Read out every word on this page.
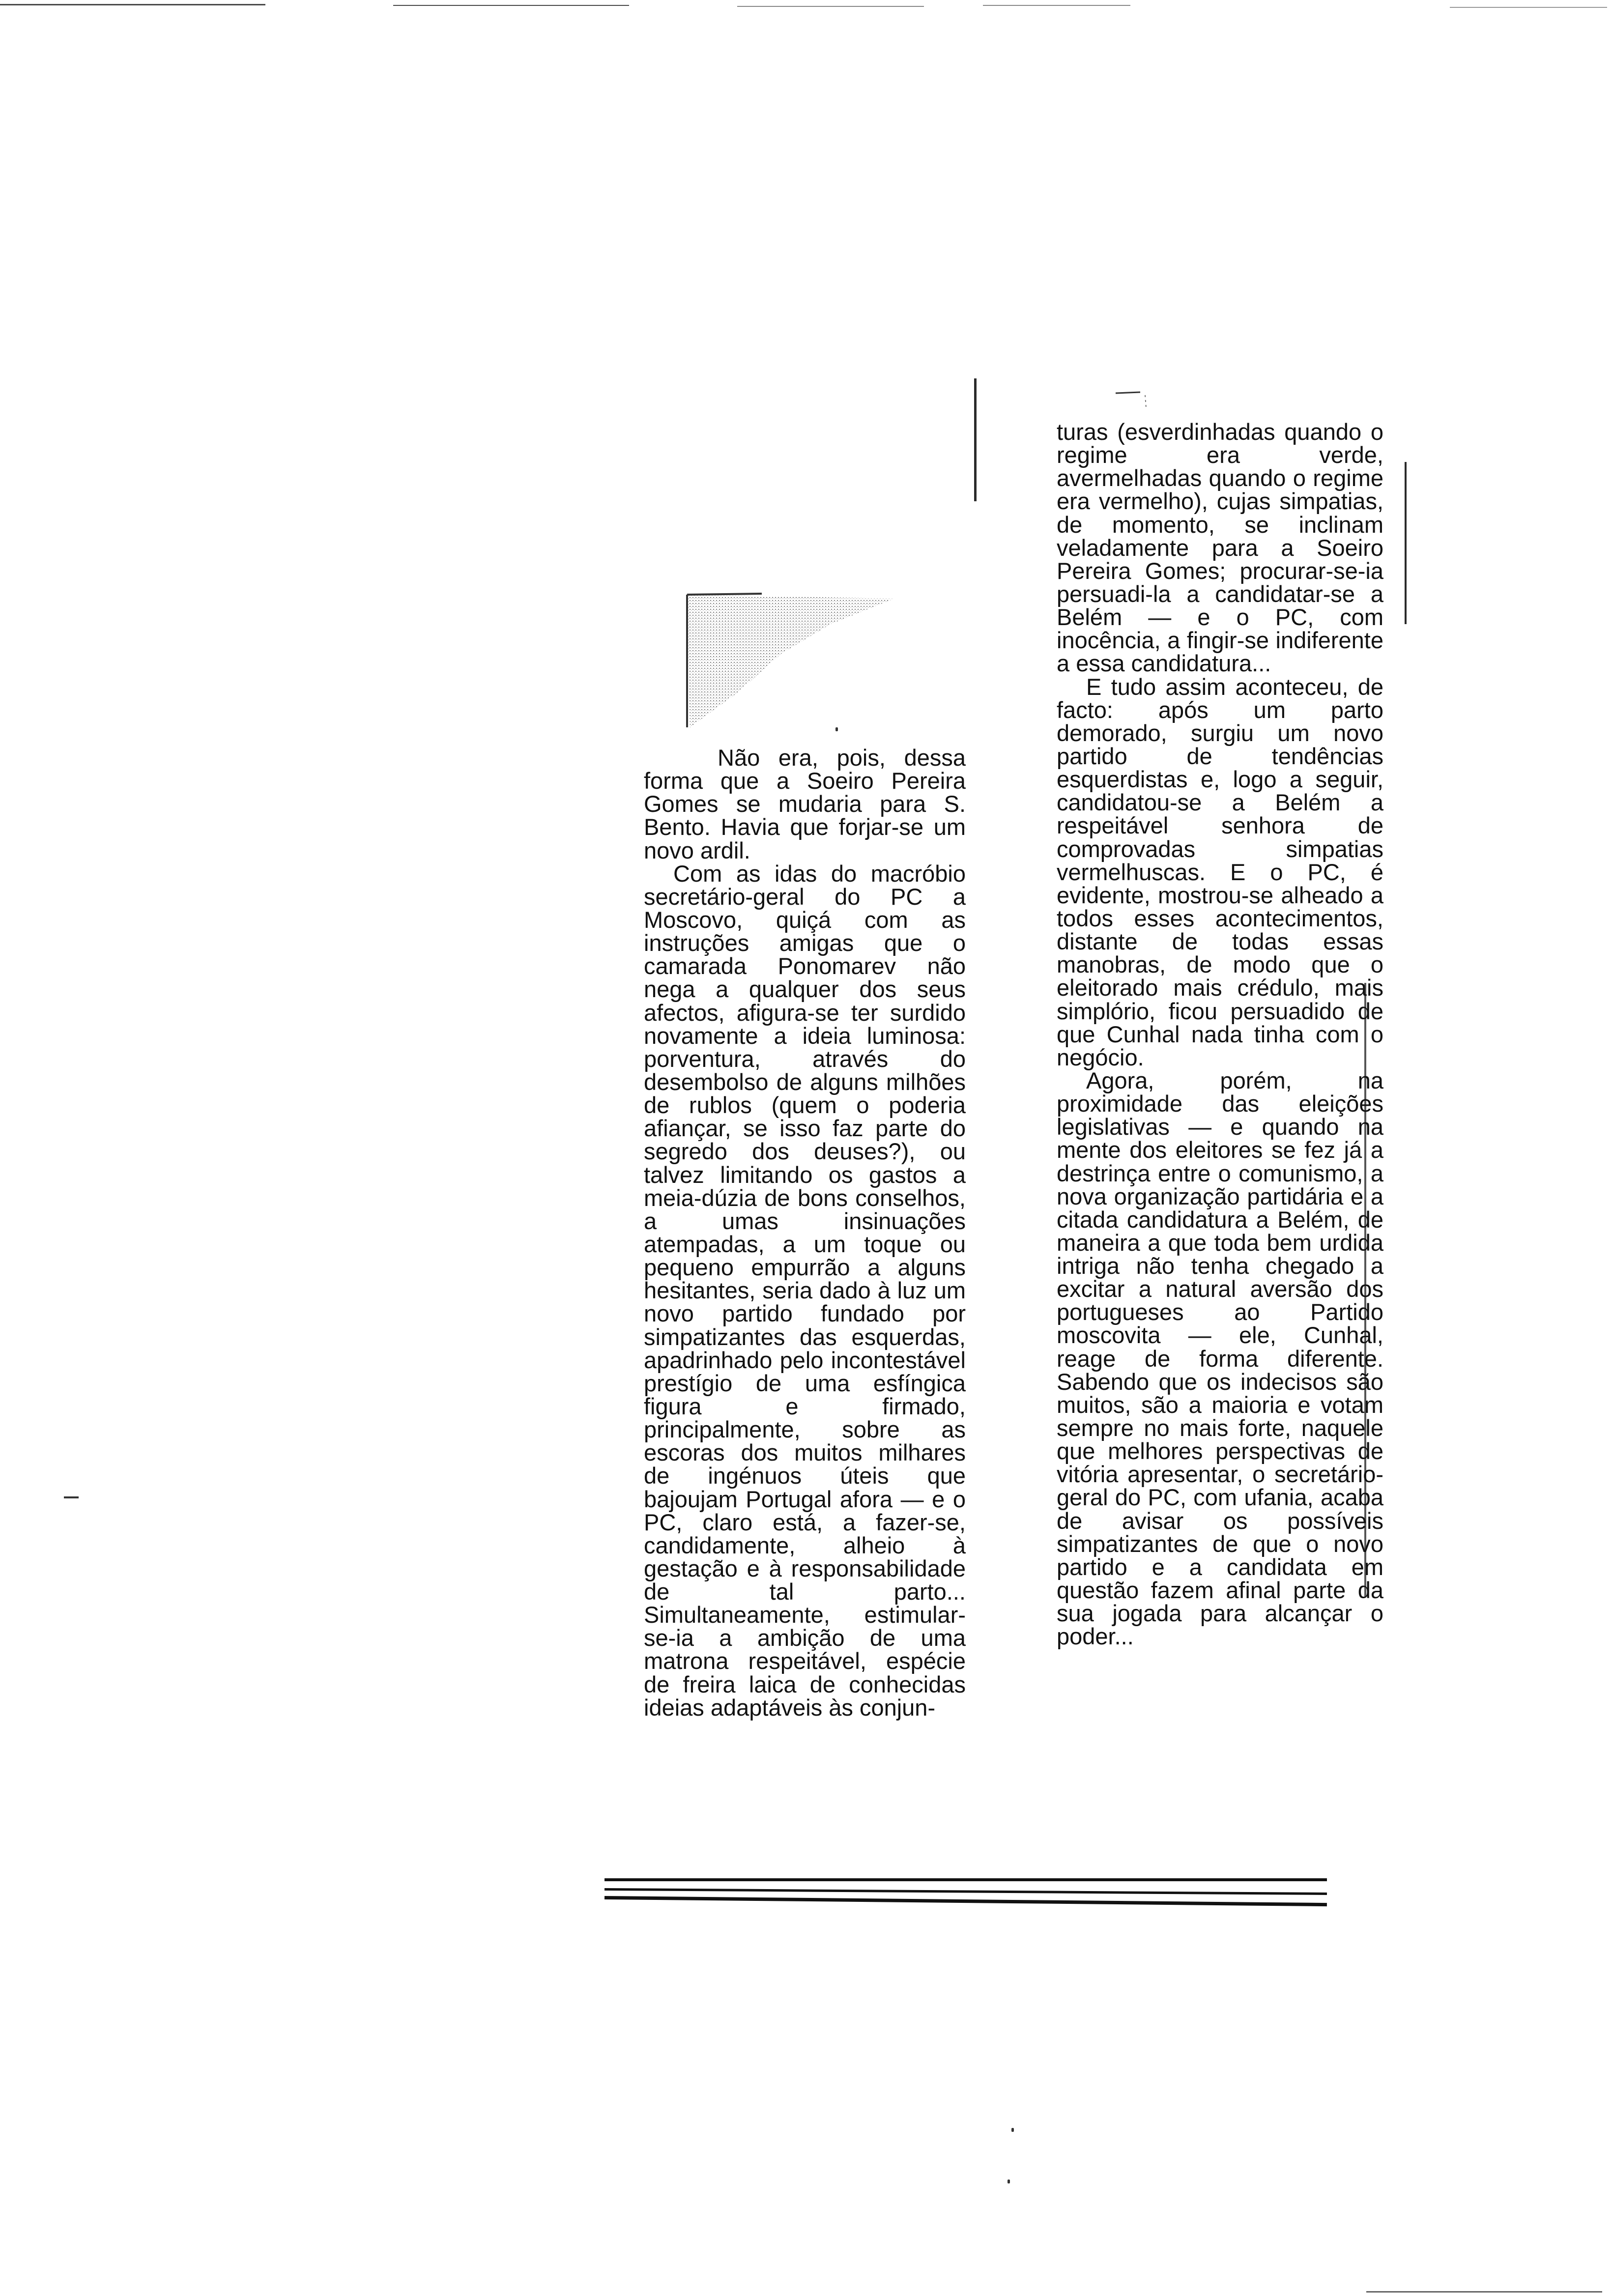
Não era, pois, dessa forma que a Soeiro Pereira Gomes se mudaria para S. Bento. Havia que forjar-se um novo ardil.

Com as idas do macróbio secretário-geral do PC a Moscovo, quiçá com as instruções amigas que o camarada Ponomarev não nega a qualquer dos seus afectos, afigura-se ter surdido novamente a ideia luminosa: porventura, através do desembolso de alguns milhões de rublos (quem o poderia afiançar, se isso faz parte do segredo dos deuses?), ou talvez limitando os gastos a meia-dúzia de bons conselhos, a umas insinuações atempadas, a um toque ou pequeno empurrão a alguns hesitantes, seria dado à luz um novo partido fundado por simpatizantes das esquerdas, apadrinhado pelo incontestável prestígio de uma esfíngica figura e firmado, principalmente, sobre as escoras dos muitos milhares de ingénuos úteis que bajoujam Portugal afora — e o PC, claro está, a fazer-se, candidamente, alheio à gestação e à responsabilidade de tal parto... Simultaneamente, estimular-se-ia a ambição de uma matrona respeitável, espécie de freira laica de conhecidas ideias adaptáveis às conjun-

turas (esverdinhadas quando o regime era verde, avermelhadas quando o regime era vermelho), cujas simpatias, de momento, se inclinam veladamente para a Soeiro Pereira Gomes; procurar-se-ia persuadi-la a candidatar-se a Belém — e o PC, com inocência, a fingir-se indiferente a essa candidatura...

E tudo assim aconteceu, de facto: após um parto demorado, surgiu um novo partido de tendências esquerdistas e, logo a seguir, candidatou-se a Belém a respeitável senhora de comprovadas simpatias vermelhuscas. E o PC, é evidente, mostrou-se alheado a todos esses acontecimentos, distante de todas essas manobras, de modo que o eleitorado mais crédulo, mais simplório, ficou persuadido de que Cunhal nada tinha com o negócio.

Agora, porém, na proximidade das eleições legislativas — e quando na mente dos eleitores se fez já a destrinça entre o comunismo, a nova organização partidária e a citada candidatura a Belém, de maneira a que toda bem urdida intriga não tenha chegado a excitar a natural aversão dos portugueses ao Partido moscovita — ele, Cunhal, reage de forma diferente. Sabendo que os indecisos são muitos, são a maioria e votam sempre no mais forte, naquele que melhores perspectivas de vitória apresentar, o secretário-geral do PC, com ufania, acaba de avisar os possíveis simpatizantes de que o novo partido e a candidata em questão fazem afinal parte da sua jogada para alcançar o poder...
